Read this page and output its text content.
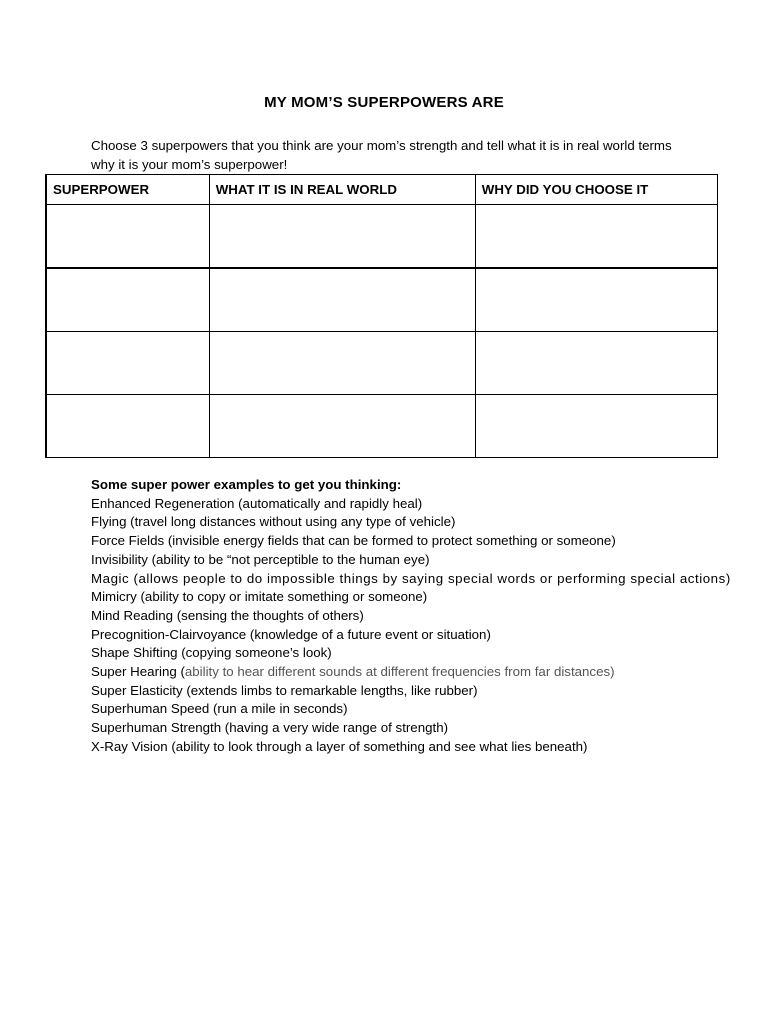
MY MOM’S SUPERPOWERS ARE
Choose 3 superpowers that you think are your mom’s strength and tell what it is in real world terms why it is your mom’s superpower!
SUPERPOWER	WHAT IT IS IN REAL WORLD	WHY DID YOU CHOOSE IT

Some super power examples to get you thinking:
Enhanced Regeneration (automatically and rapidly heal)
Flying (travel long distances without using any type of vehicle)
Force Fields (invisible energy fields that can be formed to protect something or someone)
Invisibility (ability to be “not perceptible to the human eye)
Magic (allows people to do impossible things by saying special words or performing special actions)
Mimicry (ability to copy or imitate something or someone)
Mind Reading (sensing the thoughts of others)
Precognition-Clairvoyance (knowledge of a future event or situation)
Shape Shifting (copying someone’s look)
Super Hearing (ability to hear different sounds at different frequencies from far distances)
Super Elasticity (extends limbs to remarkable lengths, like rubber)
Superhuman Speed (run a mile in seconds)
Superhuman Strength (having a very wide range of strength)
X-Ray Vision (ability to look through a layer of something and see what lies beneath)
